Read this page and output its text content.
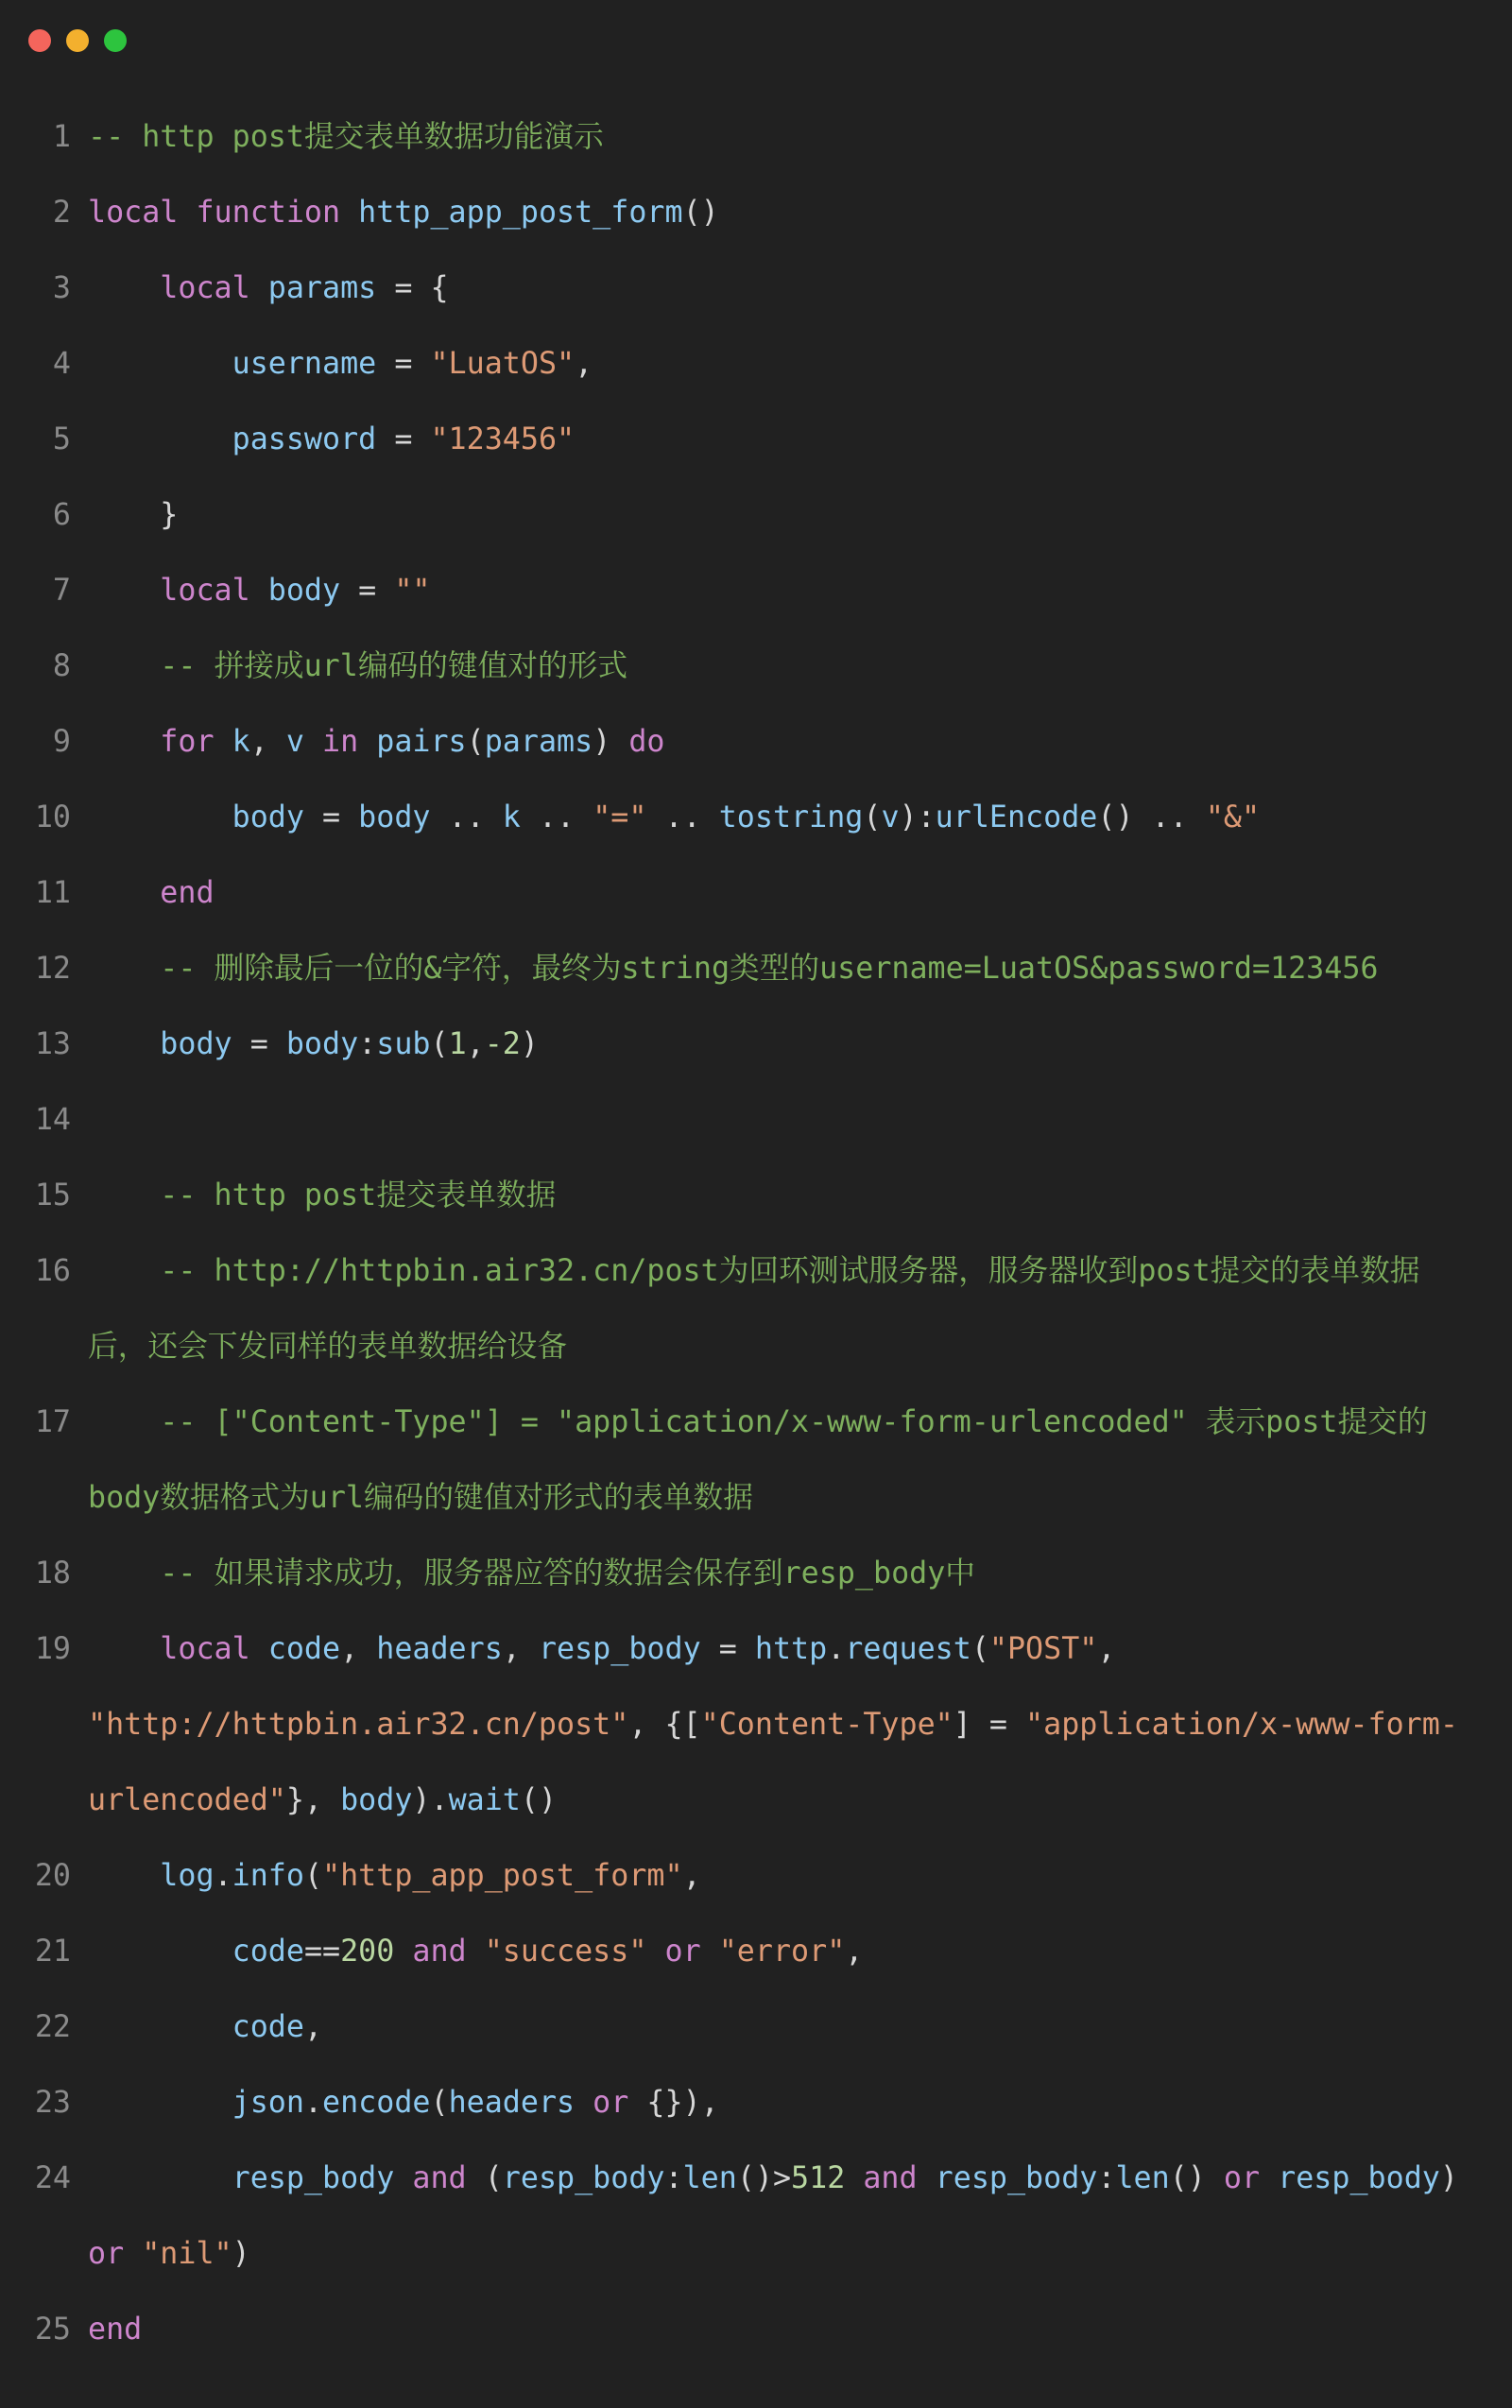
1 -- http post提交表单数据功能演示
2 local function http_app_post_form()
3 local params = {
4 username = "LuatOS",
5 password = "123456"
6 }
7 local body = ""
8 -- 拼接成url编码的键值对的形式
9 for k, v in pairs(params) do
10 body = body .. k .. "=" .. tostring(v):urlEncode() .. "&"
11 end
12 -- 删除最后一位的&字符，最终为string类型的username=LuatOS&password=123456
13 body = body:sub(1,-2)
14
15 -- http post提交表单数据
16 -- http://httpbin.air32.cn/post为回环测试服务器，服务器收到post提交的表单数据
后，还会下发同样的表单数据给设备
17 -- ["Content-Type"] = "application/x-www-form-urlencoded" 表示post提交的
body数据格式为url编码的键值对形式的表单数据
18 -- 如果请求成功，服务器应答的数据会保存到resp_body中
19 local code, headers, resp_body = http.request("POST",
"http://httpbin.air32.cn/post", {["Content-Type"] = "application/x-www-form-
urlencoded"}, body).wait()
20 log.info("http_app_post_form",
21 code==200 and "success" or "error",
22 code,
23 json.encode(headers or {}),
24 resp_body and (resp_body:len()>512 and resp_body:len() or resp_body)
or "nil")
25 end
